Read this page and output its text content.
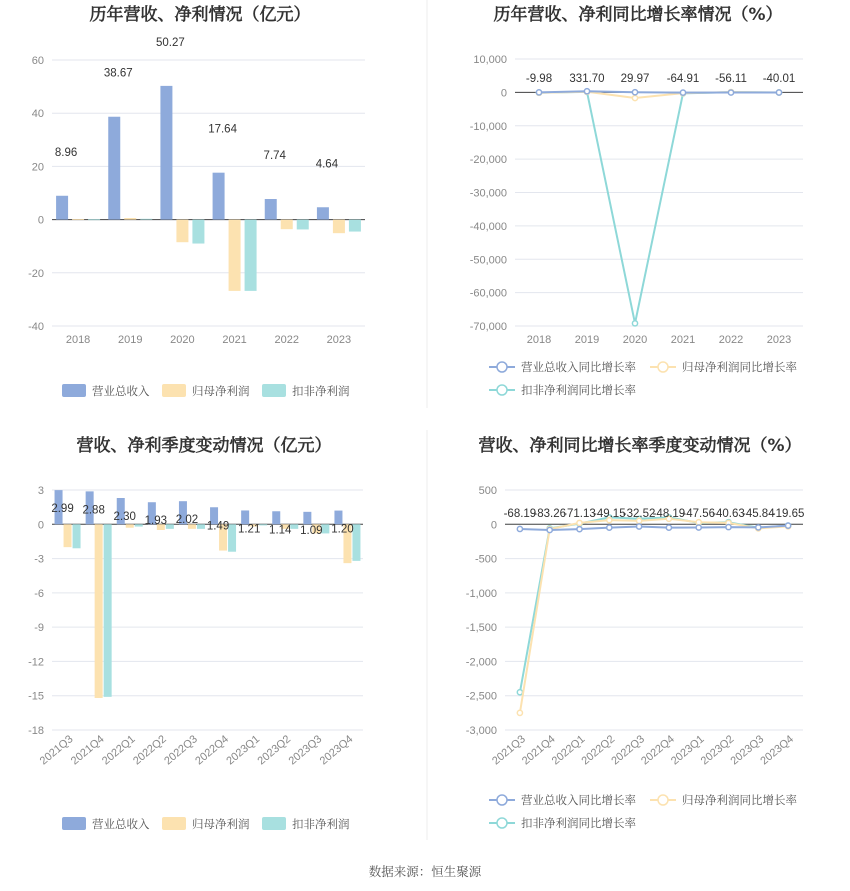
历年营收、净利情况（亿元）	历年营收、净利同比增长率情况（%）
营收、净利季度变动情况（亿元）	营收、净利同比增长率季度变动情况（%）
60
40
20
0
-20
-40
8.96
2018
38.67
2019
50.27
2020
17.64
2021
7.74
2022
4.64
2023
营业总收入	归母净利润	扣非净利润
10,000
0
-10,000
-20,000
-30,000
-40,000
-50,000
-60,000
-70,000
-9.98
2018
331.70
2019
29.97
2020
-64.91
2021
-56.11
2022
-40.01
2023
营业总收入同比增长率	归母净利润同比增长率
扣非净利润同比增长率
3
0
-3
-6
-9
-12
-15
-18
2.99
2021Q3
2.88
2021Q4
2.30
2022Q1
1.93
2022Q2
2.02
2022Q3
1.49
2022Q4
1.21
2023Q1
1.14
2023Q2
1.09
2023Q3
1.20
2023Q4
营业总收入	归母净利润	扣非净利润
500
0
-500
-1,000
-1,500
-2,000
-2,500
-3,000
-68.19
2021Q3
-83.26
2021Q4
-71.13
2022Q1
-49.15
2022Q2
-32.52
2022Q3
-48.19
2022Q4
-47.56
2023Q1
-40.63
2023Q2
-45.84
2023Q3
-19.65
2023Q4
营业总收入同比增长率	归母净利润同比增长率
扣非净利润同比增长率
数据来源：恒生聚源
